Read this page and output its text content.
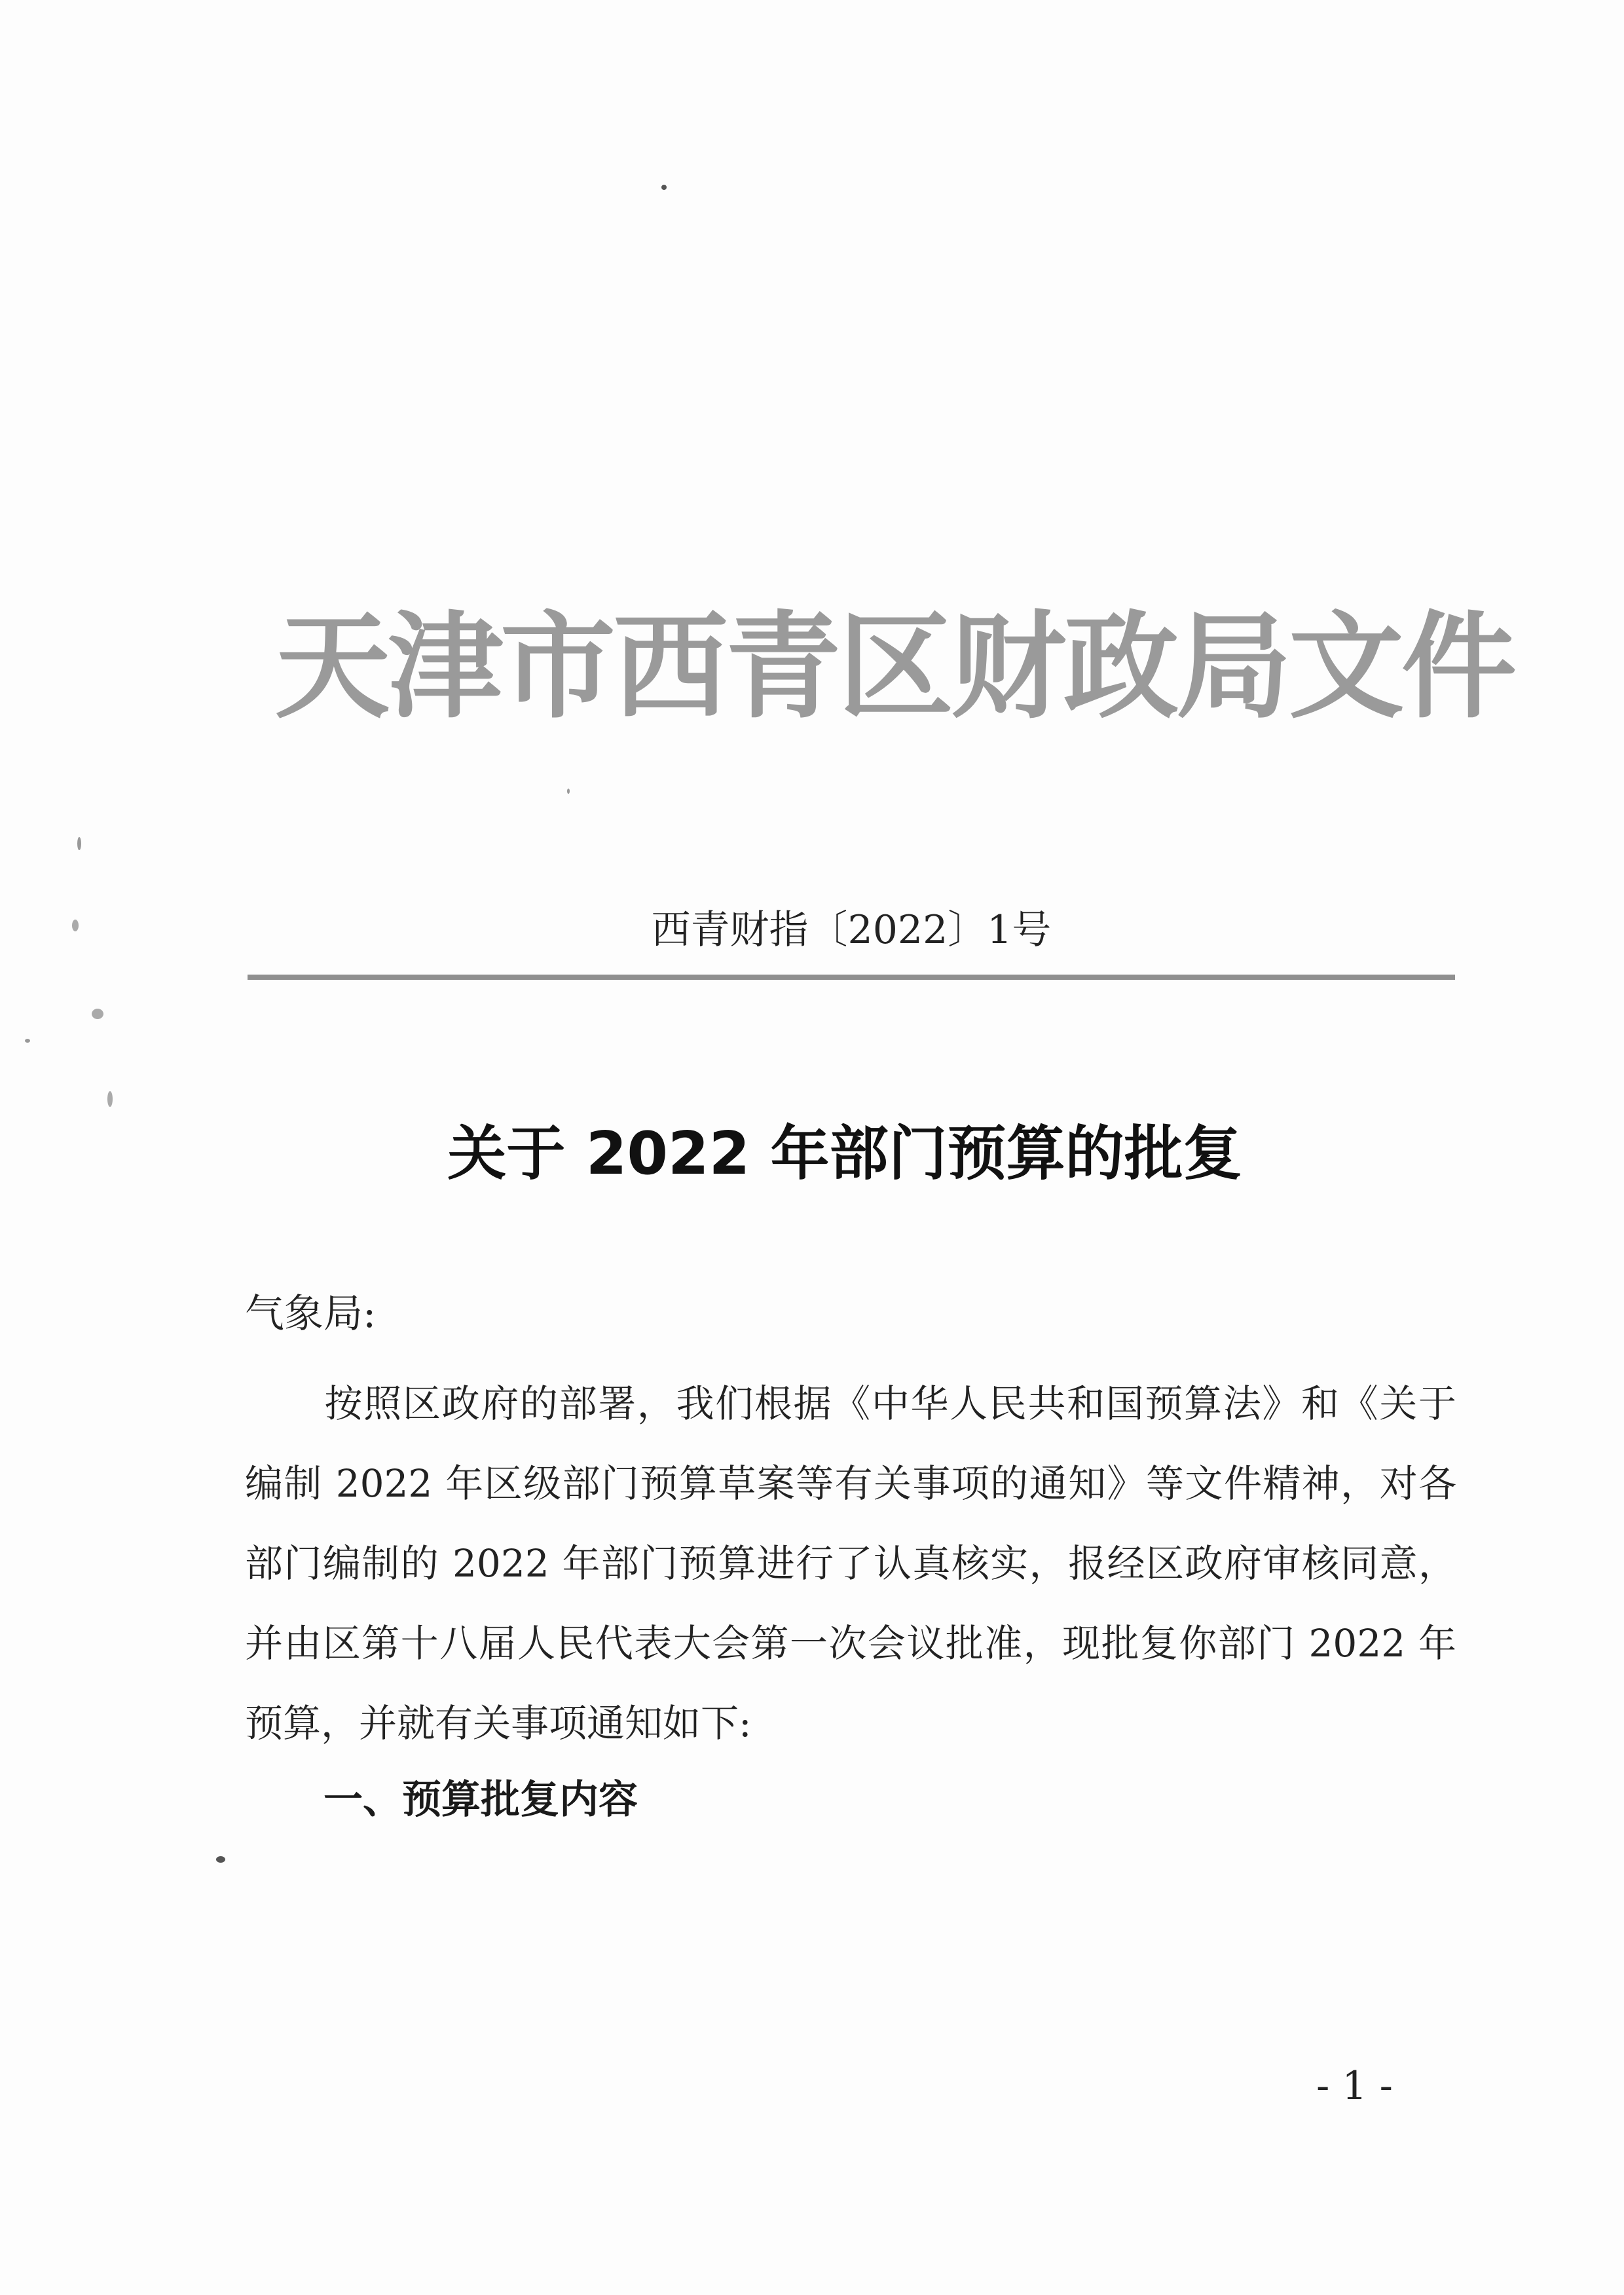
天津市西青区财政局文件
西青财指〔2022〕1号
关于 2022 年部门预算的批复
气象局:
按照区政府的部署，我们根据《中华人民共和国预算法》和《关于编制 2022 年区级部门预算草案等有关事项的通知》等文件精神，对各部门编制的 2022 年部门预算进行了认真核实，报经区政府审核同意，并由区第十八届人民代表大会第一次会议批准，现批复你部门 2022 年预算，并就有关事项通知如下:
一、预算批复内容
- 1 -
